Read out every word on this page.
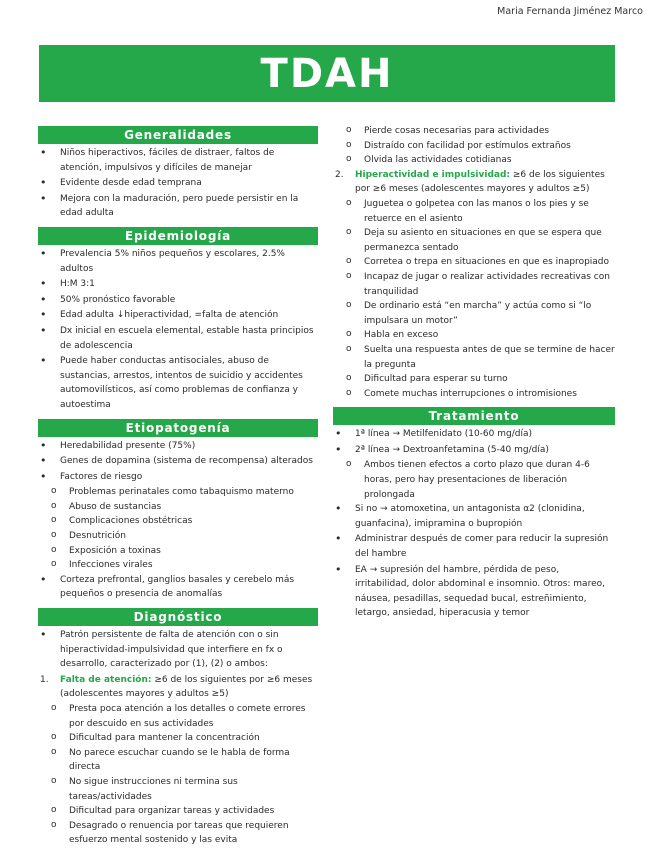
Maria Fernanda Jiménez Marco
TDAH
Generalidades
• Niños hiperactivos, fáciles de distraer, faltos de atención, impulsivos y difíciles de manejar
• Evidente desde edad temprana
• Mejora con la maduración, pero puede persistir en la edad adulta
Epidemiología
• Prevalencia 5% niños pequeños y escolares, 2.5% adultos
• H:M 3:1
• 50% pronóstico favorable
• Edad adulta ↓hiperactividad, =falta de atención
• Dx inicial en escuela elemental, estable hasta principios de adolescencia
• Puede haber conductas antisociales, abuso de sustancias, arrestos, intentos de suicidio y accidentes automovilísticos, así como problemas de confianza y autoestima
Etiopatogenía
• Heredabilidad presente (75%)
• Genes de dopamina (sistema de recompensa) alterados
• Factores de riesgo
o Problemas perinatales como tabaquismo materno
o Abuso de sustancias
o Complicaciones obstétricas
o Desnutrición
o Exposición a toxinas
o Infecciones virales
• Corteza prefrontal, ganglios basales y cerebelo más pequeños o presencia de anomalías
Diagnóstico
• Patrón persistente de falta de atención con o sin hiperactividad-impulsividad que interfiere en fx o desarrollo, caracterizado por (1), (2) o ambos:
1. Falta de atención: ≥6 de los siguientes por ≥6 meses (adolescentes mayores y adultos ≥5)
o Presta poca atención a los detalles o comete errores por descuido en sus actividades
o Dificultad para mantener la concentración
o No parece escuchar cuando se le habla de forma directa
o No sigue instrucciones ni termina sus tareas/actividades
o Dificultad para organizar tareas y actividades
o Desagrado o renuencia por tareas que requieren esfuerzo mental sostenido y las evita
o Pierde cosas necesarias para actividades
o Distraído con facilidad por estímulos extraños
o Olvida las actividades cotidianas
2. Hiperactividad e impulsividad: ≥6 de los siguientes por ≥6 meses (adolescentes mayores y adultos ≥5)
o Juguetea o golpetea con las manos o los pies y se retuerce en el asiento
o Deja su asiento en situaciones en que se espera que permanezca sentado
o Corretea o trepa en situaciones en que es inapropiado
o Incapaz de jugar o realizar actividades recreativas con tranquilidad
o De ordinario está “en marcha” y actúa como si “lo impulsara un motor”
o Habla en exceso
o Suelta una respuesta antes de que se termine de hacer la pregunta
o Dificultad para esperar su turno
o Comete muchas interrupciones o intromisiones
Tratamiento
• 1ª línea → Metilfenidato (10-60 mg/día)
• 2ª línea → Dextroanfetamina (5-40 mg/día)
o Ambos tienen efectos a corto plazo que duran 4-6 horas, pero hay presentaciones de liberación prolongada
• Si no → atomoxetina, un antagonista α2 (clonidina, guanfacina), imipramina o bupropión
• Administrar después de comer para reducir la supresión del hambre
• EA → supresión del hambre, pérdida de peso, irritabilidad, dolor abdominal e insomnio. Otros: mareo, náusea, pesadillas, sequedad bucal, estreñimiento, letargo, ansiedad, hiperacusia y temor
